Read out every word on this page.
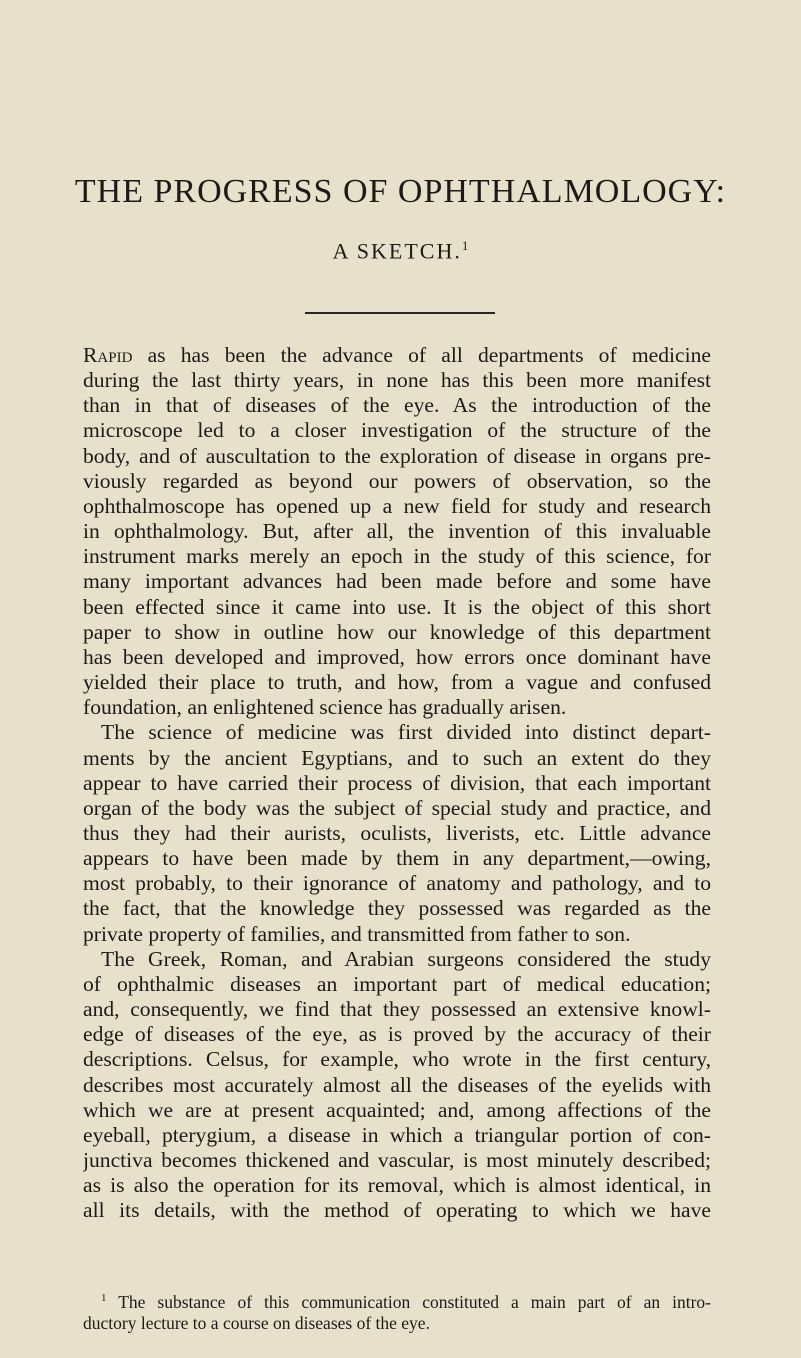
THE PROGRESS OF OPHTHALMOLOGY:
A SKETCH.$^1$
Rapid as has been the advance of all departments of medicine
during the last thirty years, in none has this been more manifest
than in that of diseases of the eye. As the introduction of the
microscope led to a closer investigation of the structure of the
body, and of auscultation to the exploration of disease in organs pre-
viously regarded as beyond our powers of observation, so the
ophthalmoscope has opened up a new field for study and research
in ophthalmology. But, after all, the invention of this invaluable
instrument marks merely an epoch in the study of this science, for
many important advances had been made before and some have
been effected since it came into use. It is the object of this short
paper to show in outline how our knowledge of this department
has been developed and improved, how errors once dominant have
yielded their place to truth, and how, from a vague and confused
foundation, an enlightened science has gradually arisen.
The science of medicine was first divided into distinct depart-
ments by the ancient Egyptians, and to such an extent do they
appear to have carried their process of division, that each important
organ of the body was the subject of special study and practice, and
thus they had their aurists, oculists, liverists, etc. Little advance
appears to have been made by them in any department,—owing,
most probably, to their ignorance of anatomy and pathology, and to
the fact, that the knowledge they possessed was regarded as the
private property of families, and transmitted from father to son.
The Greek, Roman, and Arabian surgeons considered the study
of ophthalmic diseases an important part of medical education;
and, consequently, we find that they possessed an extensive knowl-
edge of diseases of the eye, as is proved by the accuracy of their
descriptions. Celsus, for example, who wrote in the first century,
describes most accurately almost all the diseases of the eyelids with
which we are at present acquainted; and, among affections of the
eyeball, pterygium, a disease in which a triangular portion of con-
junctiva becomes thickened and vascular, is most minutely described;
as is also the operation for its removal, which is almost identical, in
all its details, with the method of operating to which we have
$^1$ The substance of this communication constituted a main part of an intro-
ductory lecture to a course on diseases of the eye.
